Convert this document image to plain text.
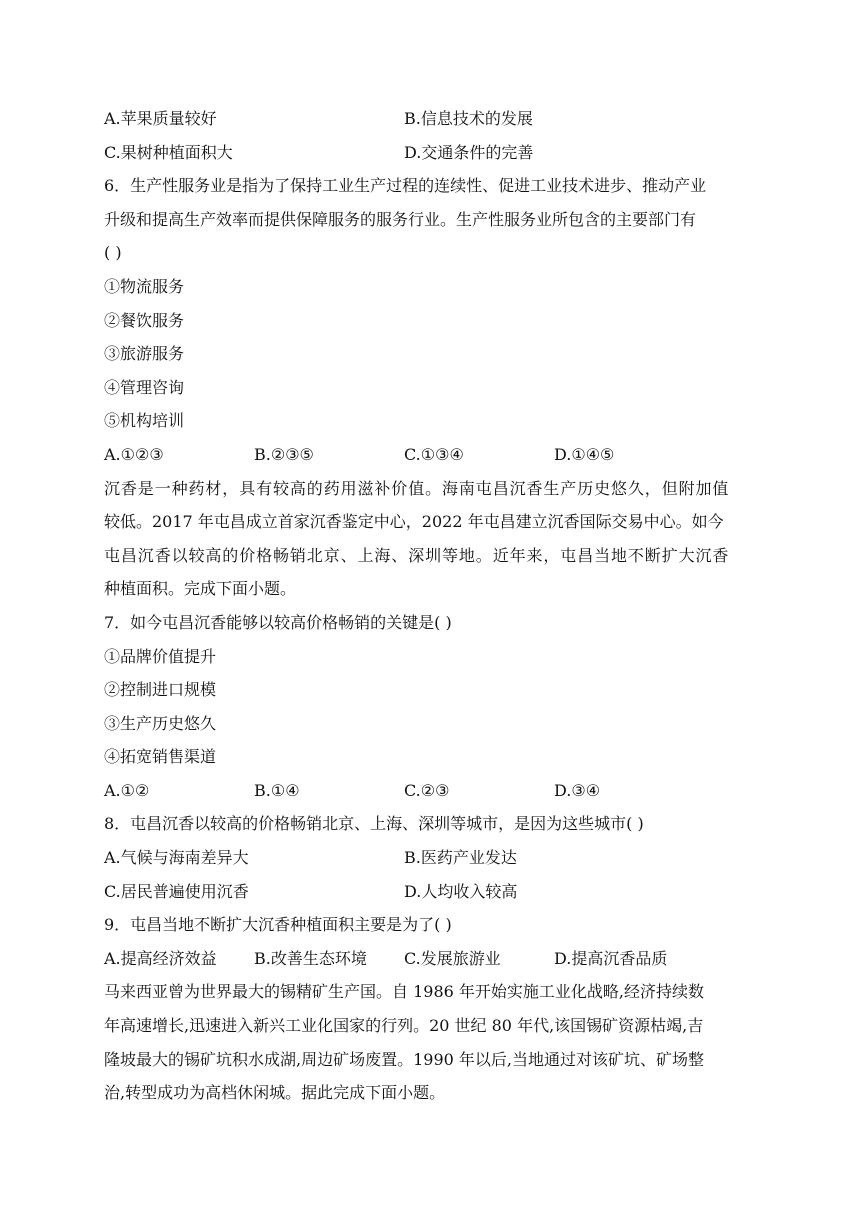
A.苹果质量较好	B.信息技术的发展
C.果树种植面积大	D.交通条件的完善
6．生产性服务业是指为了保持工业生产过程的连续性、促进工业技术进步、推动产业
升级和提高生产效率而提供保障服务的服务行业。生产性服务业所包含的主要部门有
( )
①物流服务
②餐饮服务
③旅游服务
④管理咨询
⑤机构培训
A.①②③	B.②③⑤	C.①③④	D.①④⑤
沉香是一种药材，具有较高的药用滋补价值。海南屯昌沉香生产历史悠久，但附加值
较低。2017 年屯昌成立首家沉香鉴定中心，2022 年屯昌建立沉香国际交易中心。如今
屯昌沉香以较高的价格畅销北京、上海、深圳等地。近年来，屯昌当地不断扩大沉香
种植面积。完成下面小题。
7．如今屯昌沉香能够以较高价格畅销的关键是( )
①品牌价值提升
②控制进口规模
③生产历史悠久
④拓宽销售渠道
A.①②	B.①④	C.②③	D.③④
8．屯昌沉香以较高的价格畅销北京、上海、深圳等城市，是因为这些城市( )
A.气候与海南差异大	B.医药产业发达
C.居民普遍使用沉香	D.人均收入较高
9．屯昌当地不断扩大沉香种植面积主要是为了( )
A.提高经济效益 B.改善生态环境 C.发展旅游业	D.提高沉香品质
马来西亚曾为世界最大的锡精矿生产国。自 1986 年开始实施工业化战略,经济持续数
年高速增长,迅速进入新兴工业化国家的行列。20 世纪 80 年代,该国锡矿资源枯竭,吉
隆坡最大的锡矿坑积水成湖,周边矿场废置。1990 年以后,当地通过对该矿坑、矿场整
治,转型成功为高档休闲城。据此完成下面小题。
